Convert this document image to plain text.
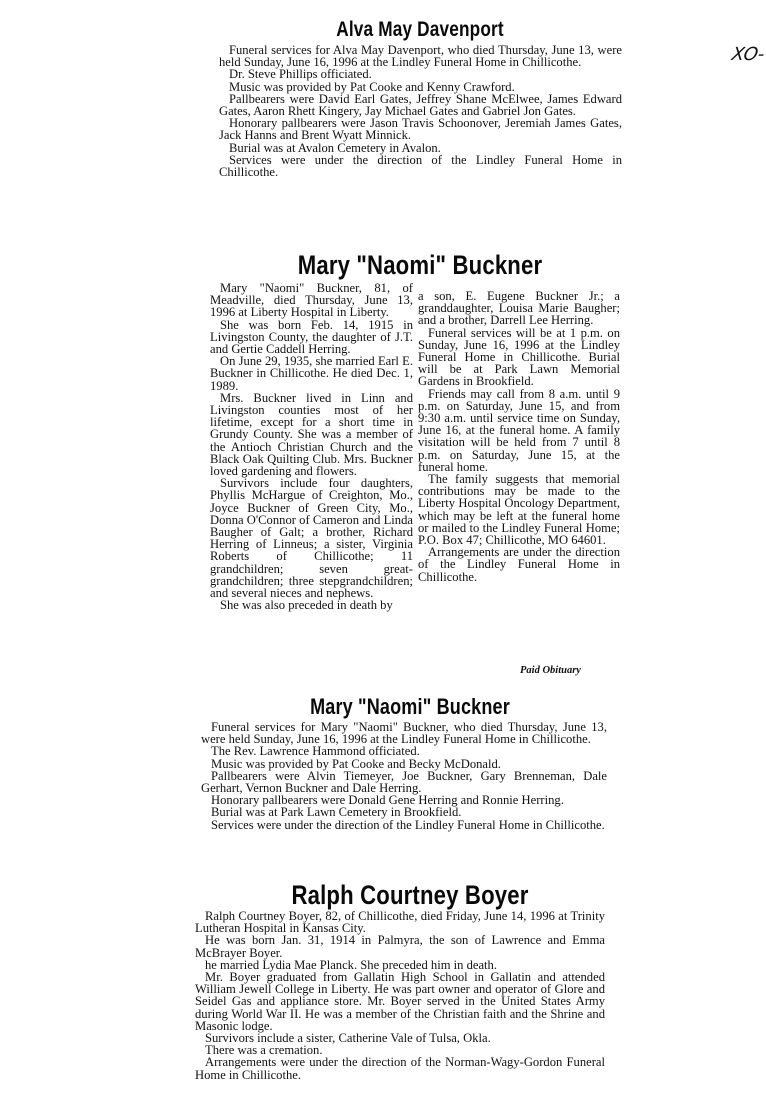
XO-
Alva May Davenport

Funeral services for Alva May Davenport, who died Thursday, June 13, were held Sunday, June 16, 1996 at the Lindley Funeral Home in Chillicothe.

Dr. Steve Phillips officiated.

Music was provided by Pat Cooke and Kenny Crawford.

Pallbearers were David Earl Gates, Jeffrey Shane McElwee, James Edward Gates, Aaron Rhett Kingery, Jay Michael Gates and Gabriel Jon Gates.

Honorary pallbearers were Jason Travis Schoonover, Jeremiah James Gates, Jack Hanns and Brent Wyatt Minnick.

Burial was at Avalon Cemetery in Avalon.

Services were under the direction of the Lindley Funeral Home in Chillicothe.

Mary "Naomi" Buckner

Mary "Naomi" Buckner, 81, of Meadville, died Thursday, June 13, 1996 at Liberty Hospital in Liberty.

She was born Feb. 14, 1915 in Livingston County, the daughter of J.T. and Gertie Caddell Herring.

On June 29, 1935, she married Earl E. Buckner in Chillicothe. He died Dec. 1, 1989.

Mrs. Buckner lived in Linn and Livingston counties most of her lifetime, except for a short time in Grundy County. She was a member of the Antioch Christian Church and the Black Oak Quilting Club. Mrs. Buckner loved gardening and flowers.

Survivors include four daughters, Phyllis McHargue of Creighton, Mo., Joyce Buckner of Green City, Mo., Donna O'Connor of Cameron and Linda Baugher of Galt; a brother, Richard Herring of Linneus; a sister, Virginia Roberts of Chillicothe; 11 grandchildren; seven great-grandchildren; three stepgrandchildren; and several nieces and nephews.

She was also preceded in death by

a son, E. Eugene Buckner Jr.; a granddaughter, Louisa Marie Baugher; and a brother, Darrell Lee Herring.

Funeral services will be at 1 p.m. on Sunday, June 16, 1996 at the Lindley Funeral Home in Chillicothe. Burial will be at Park Lawn Memorial Gardens in Brookfield.

Friends may call from 8 a.m. until 9 p.m. on Saturday, June 15, and from 9:30 a.m. until service time on Sunday, June 16, at the funeral home. A family visitation will be held from 7 until 8 p.m. on Saturday, June 15, at the funeral home.

The family suggests that memorial contributions may be made to the Liberty Hospital Oncology Department, which may be left at the funeral home or mailed to the Lindley Funeral Home; P.O. Box 47; Chillicothe, MO 64601.

Arrangements are under the direction of the Lindley Funeral Home in Chillicothe.

Paid Obituary
Mary "Naomi" Buckner

Funeral services for Mary "Naomi" Buckner, who died Thursday, June 13, were held Sunday, June 16, 1996 at the Lindley Funeral Home in Chillicothe.

The Rev. Lawrence Hammond officiated.

Music was provided by Pat Cooke and Becky McDonald.

Pallbearers were Alvin Tiemeyer, Joe Buckner, Gary Brenneman, Dale Gerhart, Vernon Buckner and Dale Herring.

Honorary pallbearers were Donald Gene Herring and Ronnie Herring.

Burial was at Park Lawn Cemetery in Brookfield.

Services were under the direction of the Lindley Funeral Home in Chillicothe.

Ralph Courtney Boyer

Ralph Courtney Boyer, 82, of Chillicothe, died Friday, June 14, 1996 at Trinity Lutheran Hospital in Kansas City.

He was born Jan. 31, 1914 in Palmyra, the son of Lawrence and Emma McBrayer Boyer.

he married Lydia Mae Planck. She preceded him in death.

Mr. Boyer graduated from Gallatin High School in Gallatin and attended William Jewell College in Liberty. He was part owner and operator of Glore and Seidel Gas and appliance store. Mr. Boyer served in the United States Army during World War II. He was a member of the Christian faith and the Shrine and Masonic lodge.

Survivors include a sister, Catherine Vale of Tulsa, Okla.

There was a cremation.

Arrangements were under the direction of the Norman-Wagy-Gordon Funeral Home in Chillicothe.
